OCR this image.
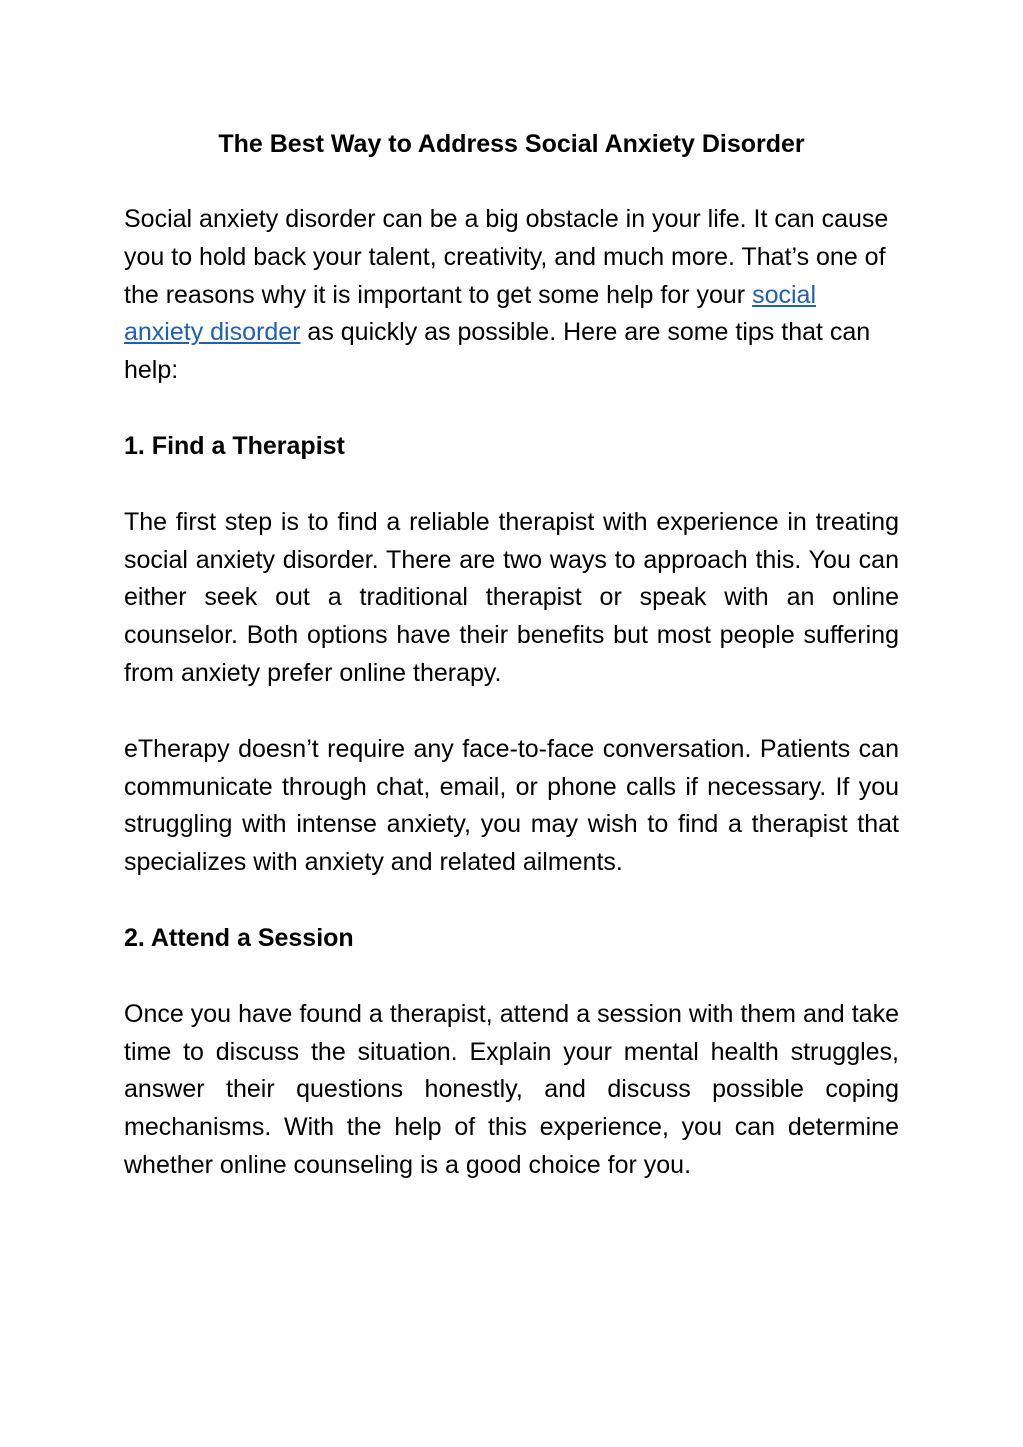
The Best Way to Address Social Anxiety Disorder

Social anxiety disorder can be a big obstacle in your life. It can cause you to hold back your talent, creativity, and much more. That’s one of the reasons why it is important to get some help for your social anxiety disorder as quickly as possible. Here are some tips that can help:

1. Find a Therapist

The first step is to find a reliable therapist with experience in treating social anxiety disorder. There are two ways to approach this. You can either seek out a traditional therapist or speak with an online counselor. Both options have their benefits but most people suffering from anxiety prefer online therapy.

eTherapy doesn’t require any face-to-face conversation. Patients can communicate through chat, email, or phone calls if necessary. If you struggling with intense anxiety, you may wish to find a therapist that specializes with anxiety and related ailments.

2. Attend a Session

Once you have found a therapist, attend a session with them and take time to discuss the situation. Explain your mental health struggles, answer their questions honestly, and discuss possible coping mechanisms. With the help of this experience, you can determine whether online counseling is a good choice for you.
